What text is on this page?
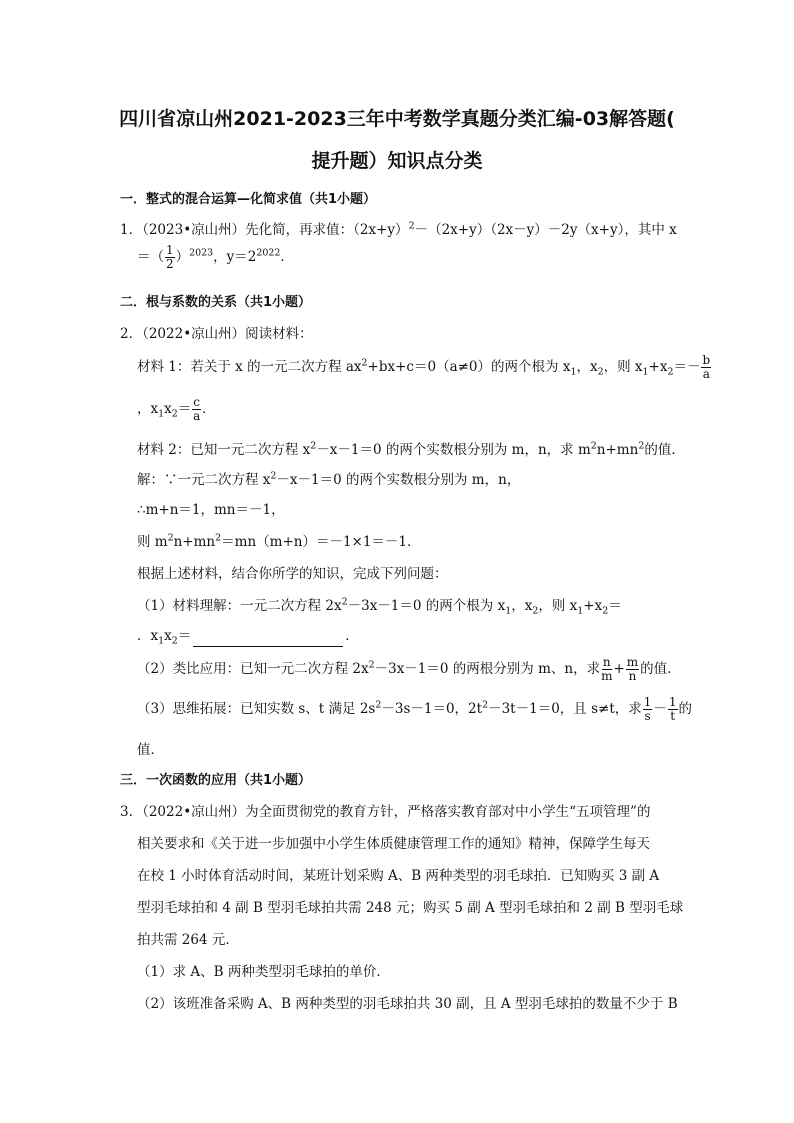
四川省凉山州2021-2023三年中考数学真题分类汇编-03解答题(
提升题）知识点分类
一．整式的混合运算—化简求值（共1小题）
1．（2023•凉山州）先化简，再求值：$(2x+y)^2-(2x+y)(2x-y)-2y(x+y)$，其中 x
＝（ $\frac{1}{2} )^{2023}$，$y=2^{2022}$．
二．根与系数的关系（共1小题）
2．（2022•凉山州）阅读材料：
材料 1：若关于 x 的一元二次方程 $ax^2+bx+c=0(a\ne 0)$的两个根为 $x_1$，$x_2$，则 $x_1+x_2=- \frac{b}{a}$
，$x_1x_2= \frac{c}{a}$ ．
材料 2：已知一元二次方程 $x^2-x-1=0$ 的两个实数根分别为 m，n，求 $m^2n+mn^2$的值．
解：∵一元二次方程 $x^2-x-1=0$ 的两个实数根分别为 m，n，
∴m+n＝1，mn＝－1，
则 $m^2n+mn^2=mn(m+n)=-1\times 1=-1$．
根据上述材料，结合你所学的知识，完成下列问题：
（1）材料理解：一元二次方程 $2x^2-3x-1=0$ 的两个根为 $x_1$，$x_2$，则 $x_1+x_2=$
．$x_1x_2=$	．
（2）类比应用：已知一元二次方程 $2x^2-3x-1=0$ 的两根分别为 m、n，求 $\frac{n}{m} + \frac{m}{n}$ 的值．
（3）思维拓展：已知实数 s、t 满足 $2s^2-3s-1=0$，$2t^2-3t-1=0$，且 s≠t，求 $\frac{1}{s} - \frac{1}{t}$ 的
值．
三．一次函数的应用（共1小题）
3．（2022•凉山州）为全面贯彻党的教育方针，严格落实教育部对中小学生“五项管理”的
相关要求和《关于进一步加强中小学生体质健康管理工作的通知》精神，保障学生每天
在校 1 小时体育活动时间，某班计划采购 A、B 两种类型的羽毛球拍．已知购买 3 副 A
型羽毛球拍和 4 副 B 型羽毛球拍共需 248 元；购买 5 副 A 型羽毛球拍和 2 副 B 型羽毛球
拍共需 264 元．
（1）求 A、B 两种类型羽毛球拍的单价．
（2）该班准备采购 A、B 两种类型的羽毛球拍共 30 副，且 A 型羽毛球拍的数量不少于 B
